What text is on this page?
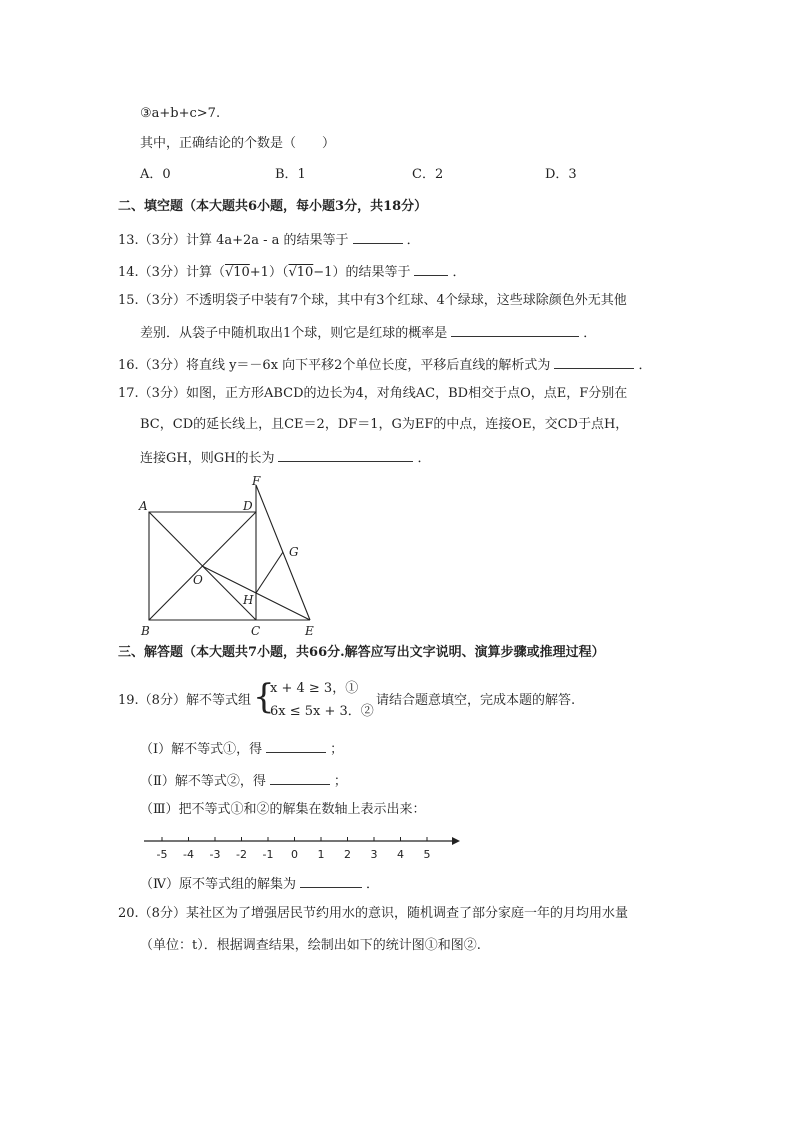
③a+b+c>7.
其中，正确结论的个数是（　　）
A．0	B．1	C．2	D．3
二、填空题（本大题共6小题，每小题3分，共18分）
13.（3分）计算 4a+2a - a 的结果等于	．
14.（3分）计算（√10+1）（√10−1）的结果等于	．
15.（3分）不透明袋子中装有7个球，其中有3个红球、4个绿球，这些球除颜色外无其他
差别．从袋子中随机取出1个球，则它是红球的概率是	．
16.（3分）将直线 y＝－6x 向下平移2个单位长度，平移后直线的解析式为	．
17.（3分）如图，正方形ABCD的边长为4，对角线AC，BD相交于点O，点E，F分别在
BC，CD的延长线上，且CE＝2，DF＝1，G为EF的中点，连接OE，交CD于点H，
连接GH，则GH的长为	．
A	D
F
G
O
H
B	C	E
三、解答题（本大题共7小题，共66分.解答应写出文字说明、演算步骤或推理过程）
19.（8分）解不等式组 {
x + 4 ≥ 3，①
6x ≤ 5x + 3．②
请结合题意填空，完成本题的解答.
（Ⅰ）解不等式①，得	；
（Ⅱ）解不等式②，得	；
（Ⅲ）把不等式①和②的解集在数轴上表示出来：
-5 -4 -3 -2 -1 0 1 2 3 4 5
（Ⅳ）原不等式组的解集为	．
20.（8分）某社区为了增强居民节约用水的意识，随机调查了部分家庭一年的月均用水量
（单位：t）．根据调查结果，绘制出如下的统计图①和图②.
